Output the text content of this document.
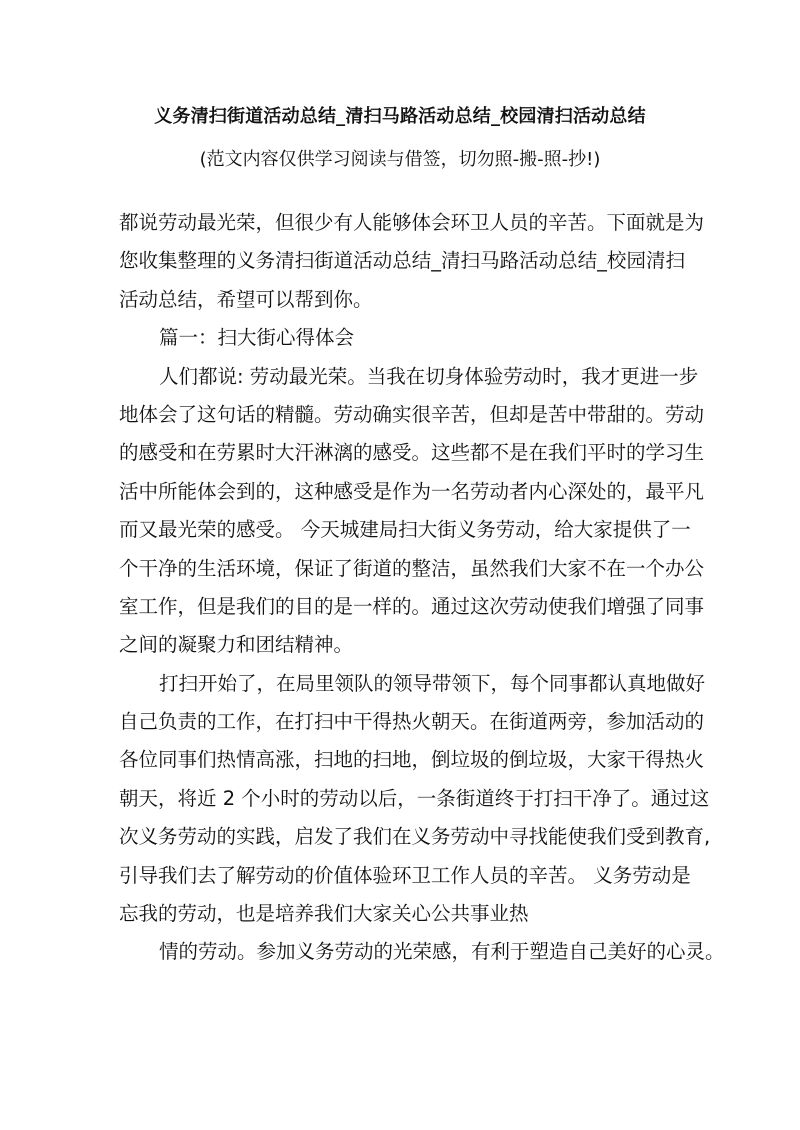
义务清扫街道活动总结_清扫马路活动总结_校园清扫活动总结
(范文内容仅供学习阅读与借签，切勿照-搬-照-抄!)
都说劳动最光荣，但很少有人能够体会环卫人员的辛苦。下面就是为
您收集整理的义务清扫街道活动总结_清扫马路活动总结_校园清扫
活动总结，希望可以帮到你。
篇一：扫大街心得体会
人们都说: 劳动最光荣。当我在切身体验劳动时，我才更进一步
地体会了这句话的精髓。劳动确实很辛苦，但却是苦中带甜的。劳动
的感受和在劳累时大汗淋漓的感受。这些都不是在我们平时的学习生
活中所能体会到的，这种感受是作为一名劳动者内心深处的，最平凡
而又最光荣的感受。 今天城建局扫大街义务劳动，给大家提供了一
个干净的生活环境，保证了街道的整洁，虽然我们大家不在一个办公
室工作，但是我们的目的是一样的。通过这次劳动使我们增强了同事
之间的凝聚力和团结精神。
打扫开始了，在局里领队的领导带领下，每个同事都认真地做好
自己负责的工作，在打扫中干得热火朝天。在街道两旁，参加活动的
各位同事们热情高涨，扫地的扫地，倒垃圾的倒垃圾，大家干得热火
朝天，将近 2 个小时的劳动以后，一条街道终于打扫干净了。通过这
次义务劳动的实践，启发了我们在义务劳动中寻找能使我们受到教育,
引导我们去了解劳动的价值体验环卫工作人员的辛苦。 义务劳动是
忘我的劳动，也是培养我们大家关心公共事业热
情的劳动。参加义务劳动的光荣感，有利于塑造自己美好的心灵。
